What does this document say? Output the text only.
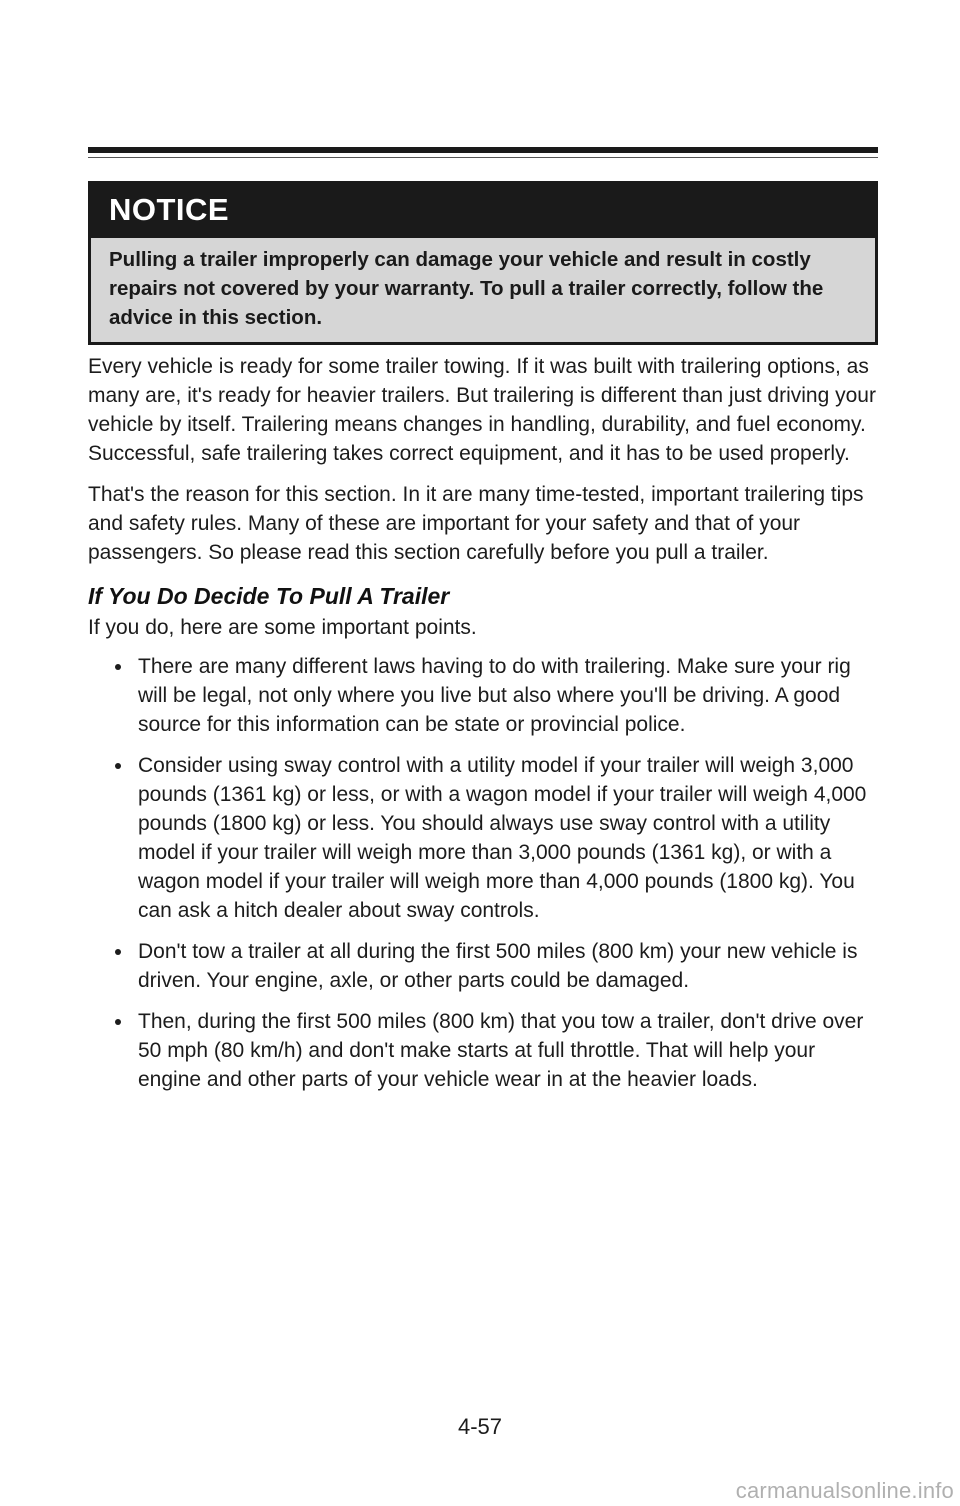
NOTICE

Pulling a trailer improperly can damage your vehicle and result in costly repairs not covered by your warranty. To pull a trailer correctly, follow the advice in this section.

Every vehicle is ready for some trailer towing. If it was built with trailering options, as many are, it's ready for heavier trailers. But trailering is different than just driving your vehicle by itself. Trailering means changes in handling, durability, and fuel economy. Successful, safe trailering takes correct equipment, and it has to be used properly.

That's the reason for this section. In it are many time-tested, important trailering tips and safety rules. Many of these are important for your safety and that of your passengers. So please read this section carefully before you pull a trailer.

If You Do Decide To Pull A Trailer

If you do, here are some important points.

There are many different laws having to do with trailering. Make sure your rig will be legal, not only where you live but also where you'll be driving. A good source for this information can be state or provincial police.
Consider using sway control with a utility model if your trailer will weigh 3,000 pounds (1361 kg) or less, or with a wagon model if your trailer will weigh 4,000 pounds (1800 kg) or less. You should always use sway control with a utility model if your trailer will weigh more than 3,000 pounds (1361 kg), or with a wagon model if your trailer will weigh more than 4,000 pounds (1800 kg). You can ask a hitch dealer about sway controls.
Don't tow a trailer at all during the first 500 miles (800 km) your new vehicle is driven. Your engine, axle, or other parts could be damaged.
Then, during the first 500 miles (800 km) that you tow a trailer, don't drive over 50 mph (80 km/h) and don't make starts at full throttle. That will help your engine and other parts of your vehicle wear in at the heavier loads.
4-57
carmanualsonline.info
